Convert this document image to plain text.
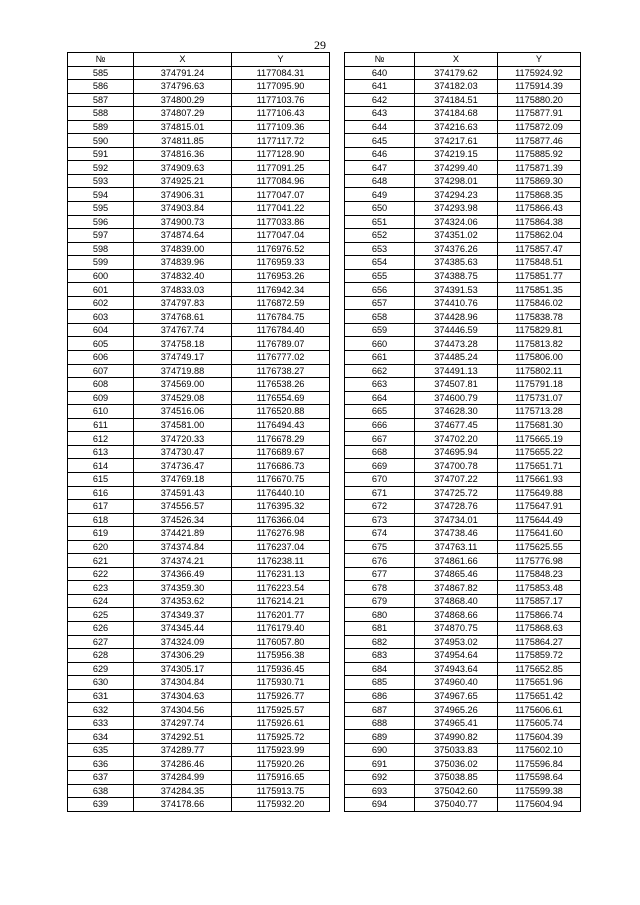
29
№	X	Y
585	374791.24	1177084.31
586	374796.63	1177095.90
587	374800.29	1177103.76
588	374807.29	1177106.43
589	374815.01	1177109.36
590	374811.85	1177117.72
591	374816.36	1177128.90
592	374909.63	1177091.25
593	374925.21	1177084.96
594	374906.31	1177047.07
595	374903.84	1177041.22
596	374900.73	1177033.86
597	374874.64	1177047.04
598	374839.00	1176976.52
599	374839.96	1176959.33
600	374832.40	1176953.26
601	374833.03	1176942.34
602	374797.83	1176872.59
603	374768.61	1176784.75
604	374767.74	1176784.40
605	374758.18	1176789.07
606	374749.17	1176777.02
607	374719.88	1176738.27
608	374569.00	1176538.26
609	374529.08	1176554.69
610	374516.06	1176520.88
611	374581.00	1176494.43
612	374720.33	1176678.29
613	374730.47	1176689.67
614	374736.47	1176686.73
615	374769.18	1176670.75
616	374591.43	1176440.10
617	374556.57	1176395.32
618	374526.34	1176366.04
619	374421.89	1176276.98
620	374374.84	1176237.04
621	374374.21	1176238.11
622	374366.49	1176231.13
623	374359.30	1176223.54
624	374353.62	1176214.21
625	374349.37	1176201.77
626	374345.44	1176179.40
627	374324.09	1176057.80
628	374306.29	1175956.38
629	374305.17	1175936.45
630	374304.84	1175930.71
631	374304.63	1175926.77
632	374304.56	1175925.57
633	374297.74	1175926.61
634	374292.51	1175925.72
635	374289.77	1175923.99
636	374286.46	1175920.26
637	374284.99	1175916.65
638	374284.35	1175913.75
639	374178.66	1175932.20
№	X	Y
640	374179.62	1175924.92
641	374182.03	1175914.39
642	374184.51	1175880.20
643	374184.68	1175877.91
644	374216.63	1175872.09
645	374217.61	1175877.46
646	374219.15	1175885.92
647	374299.40	1175871.39
648	374298.01	1175869.30
649	374294.23	1175868.35
650	374293.98	1175866.43
651	374324.06	1175864.38
652	374351.02	1175862.04
653	374376.26	1175857.47
654	374385.63	1175848.51
655	374388.75	1175851.77
656	374391.53	1175851.35
657	374410.76	1175846.02
658	374428.96	1175838.78
659	374446.59	1175829.81
660	374473.28	1175813.82
661	374485.24	1175806.00
662	374491.13	1175802.11
663	374507.81	1175791.18
664	374600.79	1175731.07
665	374628.30	1175713.28
666	374677.45	1175681.30
667	374702.20	1175665.19
668	374695.94	1175655.22
669	374700.78	1175651.71
670	374707.22	1175661.93
671	374725.72	1175649.88
672	374728.76	1175647.91
673	374734.01	1175644.49
674	374738.46	1175641.60
675	374763.11	1175625.55
676	374861.66	1175776.98
677	374865.46	1175848.23
678	374867.82	1175853.48
679	374868.40	1175857.17
680	374868.66	1175866.74
681	374870.75	1175868.63
682	374953.02	1175864.27
683	374954.64	1175859.72
684	374943.64	1175652.85
685	374960.40	1175651.96
686	374967.65	1175651.42
687	374965.26	1175606.61
688	374965.41	1175605.74
689	374990.82	1175604.39
690	375033.83	1175602.10
691	375036.02	1175596.84
692	375038.85	1175598.64
693	375042.60	1175599.38
694	375040.77	1175604.94
